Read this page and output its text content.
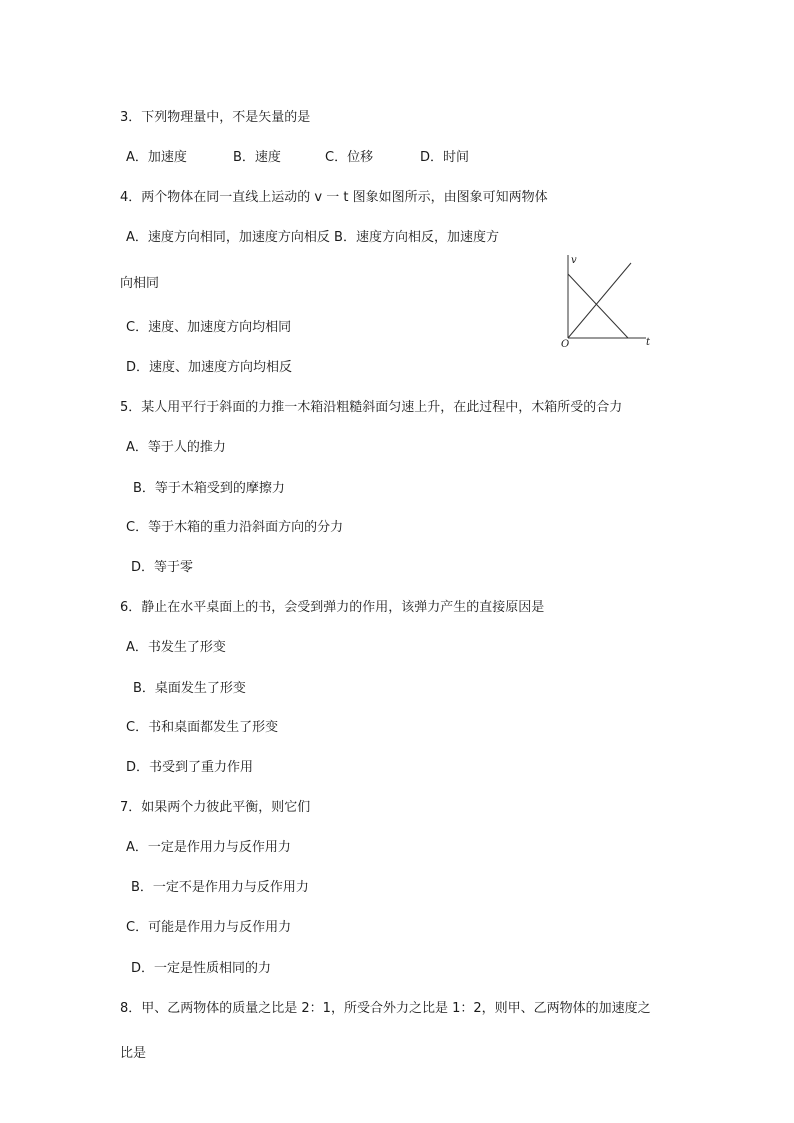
3．下列物理量中，不是矢量的是
A．加速度	B．速度	C．位移	D．时间
4．两个物体在同一直线上运动的 v 一 t 图象如图所示，由图象可知两物体
A．速度方向相同，加速度方向相反 B．速度方向相反，加速度方
向相同
C．速度、加速度方向均相同
D．速度、加速度方向均相反
v
t
O
5．某人用平行于斜面的力推一木箱沿粗糙斜面匀速上升，在此过程中，木箱所受的合力
A．等于人的推力
B．等于木箱受到的摩擦力
C．等于木箱的重力沿斜面方向的分力
D．等于零
6．静止在水平桌面上的书，会受到弹力的作用，该弹力产生的直接原因是
A．书发生了形变
B．桌面发生了形变
C．书和桌面都发生了形变
D．书受到了重力作用
7．如果两个力彼此平衡，则它们
A．一定是作用力与反作用力
B．一定不是作用力与反作用力
C．可能是作用力与反作用力
D．一定是性质相同的力
8．甲、乙两物体的质量之比是 2：1，所受合外力之比是 1：2，则甲、乙两物体的加速度之
比是
